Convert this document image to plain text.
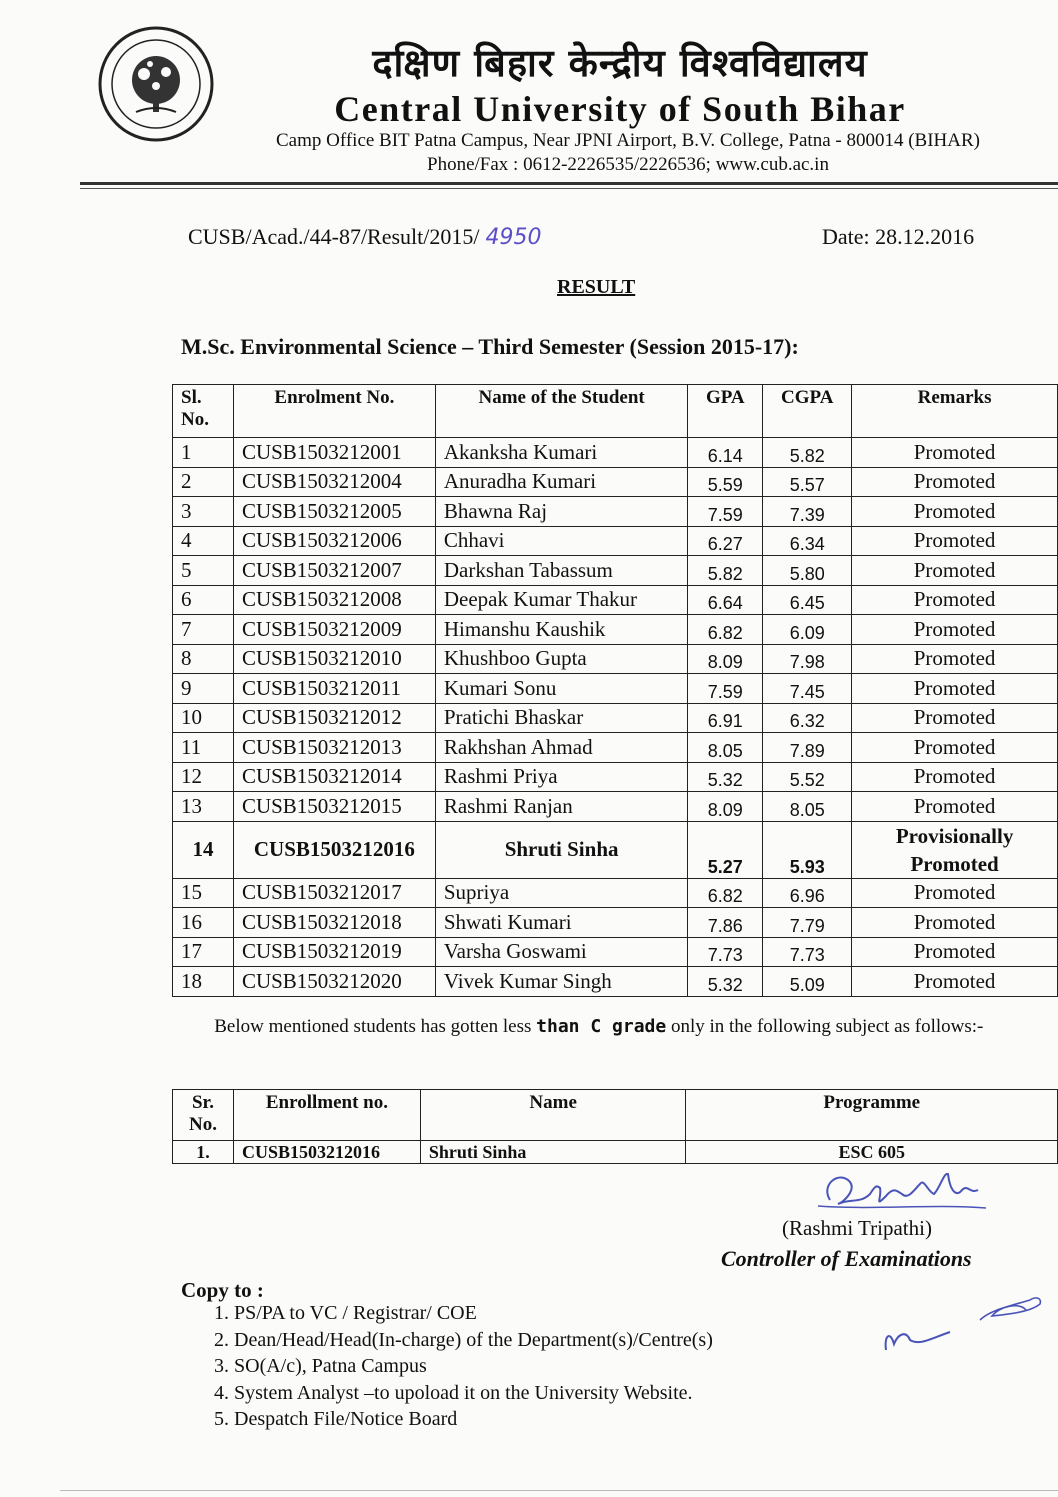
दक्षिण बिहार केन्द्रीय विश्वविद्यालय
Central University of South Bihar
Camp Office BIT Patna Campus, Near JPNI Airport, B.V. College, Patna - 800014 (BIHAR)
Phone/Fax : 0612-2226535/2226536; www.cub.ac.in
CUSB/Acad./44-87/Result/2015/ 4950	Date: 28.12.2016
RESULT
M.Sc. Environmental Science – Third Semester (Session 2015-17):
Sl. No.	Enrolment No.	Name of the Student	GPA	CGPA	Remarks
1	CUSB1503212001	Akanksha Kumari	6.14	5.82	Promoted
2	CUSB1503212004	Anuradha Kumari	5.59	5.57	Promoted
3	CUSB1503212005	Bhawna Raj	7.59	7.39	Promoted
4	CUSB1503212006	Chhavi	6.27	6.34	Promoted
5	CUSB1503212007	Darkshan Tabassum	5.82	5.80	Promoted
6	CUSB1503212008	Deepak Kumar Thakur	6.64	6.45	Promoted
7	CUSB1503212009	Himanshu Kaushik	6.82	6.09	Promoted
8	CUSB1503212010	Khushboo Gupta	8.09	7.98	Promoted
9	CUSB1503212011	Kumari Sonu	7.59	7.45	Promoted
10	CUSB1503212012	Pratichi Bhaskar	6.91	6.32	Promoted
11	CUSB1503212013	Rakhshan Ahmad	8.05	7.89	Promoted
12	CUSB1503212014	Rashmi Priya	5.32	5.52	Promoted
13	CUSB1503212015	Rashmi Ranjan	8.09	8.05	Promoted
14	CUSB1503212016	Shruti Sinha	5.27	5.93	Provisionally Promoted
15	CUSB1503212017	Supriya	6.82	6.96	Promoted
16	CUSB1503212018	Shwati Kumari	7.86	7.79	Promoted
17	CUSB1503212019	Varsha Goswami	7.73	7.73	Promoted
18	CUSB1503212020	Vivek Kumar Singh	5.32	5.09	Promoted
Below mentioned students has gotten less than C grade only in the following subject as follows:-
Sr. No.	Enrollment no.	Name	Programme
1.	CUSB1503212016	Shruti Sinha	ESC 605
(Rashmi Tripathi)
Controller of Examinations
Copy to :
1. PS/PA to VC / Registrar/ COE
2. Dean/Head/Head(In-charge) of the Department(s)/Centre(s)
3. SO(A/c), Patna Campus
4. System Analyst –to upoload it on the University Website.
5. Despatch File/Notice Board
